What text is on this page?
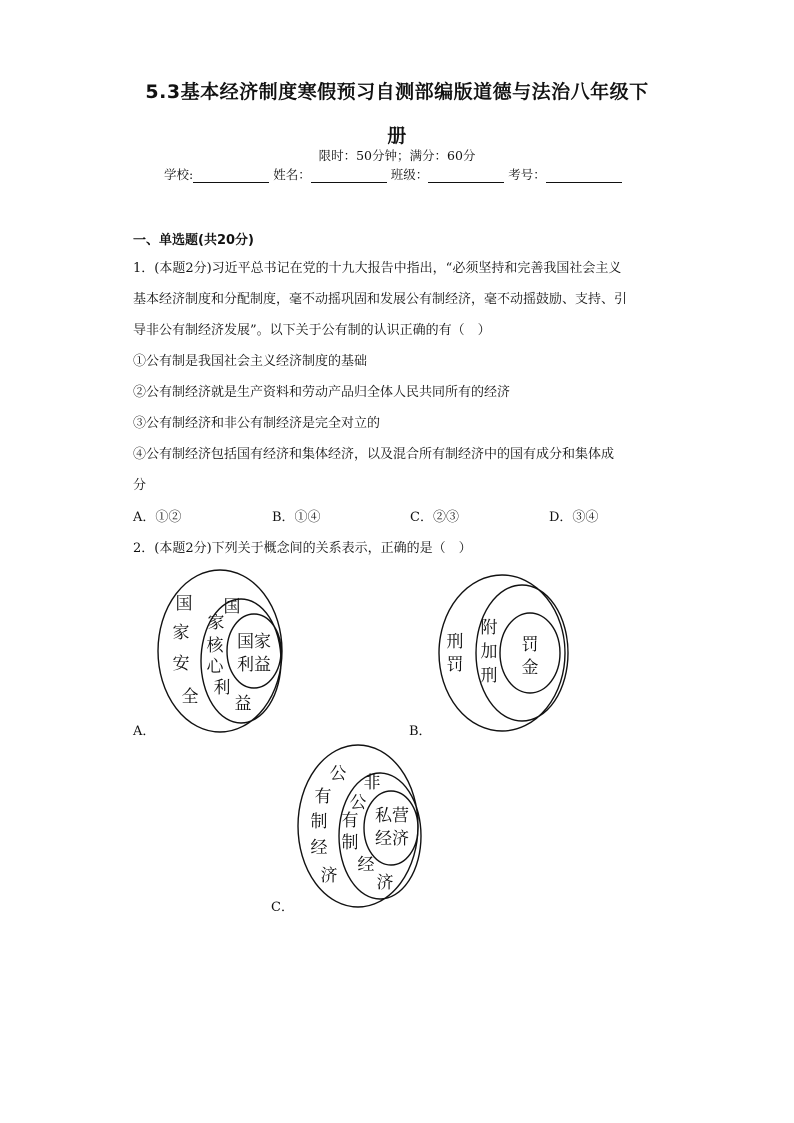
5.3基本经济制度寒假预习自测部编版道德与法治八年级下
册
限时：50分钟；满分：60分
学校:	姓名：	班级：	考号：
一、单选题(共20分)
1．(本题2分)习近平总书记在党的十九大报告中指出，“必须坚持和完善我国社会主义
基本经济制度和分配制度，毫不动摇巩固和发展公有制经济，毫不动摇鼓励、支持、引
导非公有制经济发展”。以下关于公有制的认识正确的有（　）
①公有制是我国社会主义经济制度的基础
②公有制经济就是生产资料和劳动产品归全体人民共同所有的经济
③公有制经济和非公有制经济是完全对立的
④公有制经济包括国有经济和集体经济，以及混合所有制经济中的国有成分和集体成
分
A．①②	B．①④	C．②③	D．③④
2．(本题2分)下列关于概念间的关系表示，正确的是（　）
国
家
安
全
国
家
核
心
利
益
国家
利益
A．
刑
罚
附
加
刑
罚
金
B．
公
有
制
经
济
非
公
有
制
经
济
私营
经济
C．
